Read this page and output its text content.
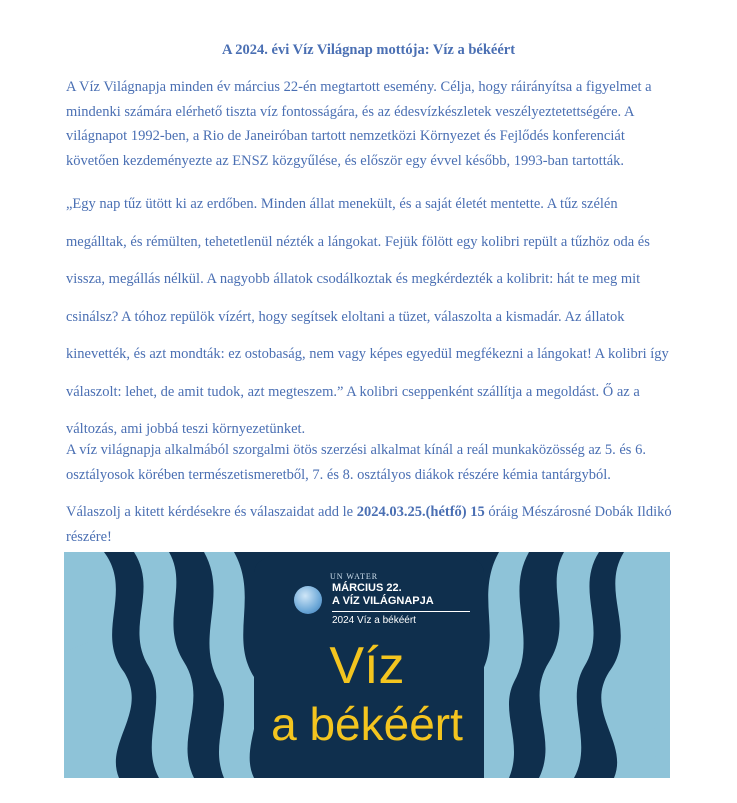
A 2024. évi Víz Világnap mottója: Víz a békéért

A Víz Világnapja minden év március 22-én megtartott esemény. Célja, hogy ráirányítsa a figyelmet a mindenki számára elérhető tiszta víz fontosságára, és az édesvízkészletek veszélyeztetettségére. A világnapot 1992-ben, a Rio de Janeiróban tartott nemzetközi Környezet és Fejlődés konferenciát követően kezdeményezte az ENSZ közgyűlése, és először egy évvel később, 1993-ban tartották.

„Egy nap tűz ütött ki az erdőben. Minden állat menekült, és a saját életét mentette. A tűz szélén megálltak, és rémülten, tehetetlenül nézték a lángokat. Fejük fölött egy kolibri repült a tűzhöz oda és vissza, megállás nélkül. A nagyobb állatok csodálkoztak és megkérdezték a kolibrit: hát te meg mit csinálsz? A tóhoz repülök vízért, hogy segítsek eloltani a tüzet, válaszolta a kismadár. Az állatok kinevették, és azt mondták: ez ostobaság, nem vagy képes egyedül megfékezni a lángokat! A kolibri így válaszolt: lehet, de amit tudok, azt megteszem.” A kolibri cseppenként szállítja a megoldást. Ő az a változás, ami jobbá teszi környezetünket.

A víz világnapja alkalmából szorgalmi ötös szerzési alkalmat kínál a reál munkaközösség az 5. és 6. osztályosok körében természetismeretből, 7. és 8. osztályos diákok részére kémia tantárgyból.

Válaszolj a kitett kérdésekre és válaszaidat add le 2024.03.25.(hétfő) 15 óráig Mészárosné Dobák Ildikó részére!

UN WATER
MÁRCIUS 22.
A VÍZ VILÁGNAPJA
2024 Víz a békéért
Víz
a békéért
